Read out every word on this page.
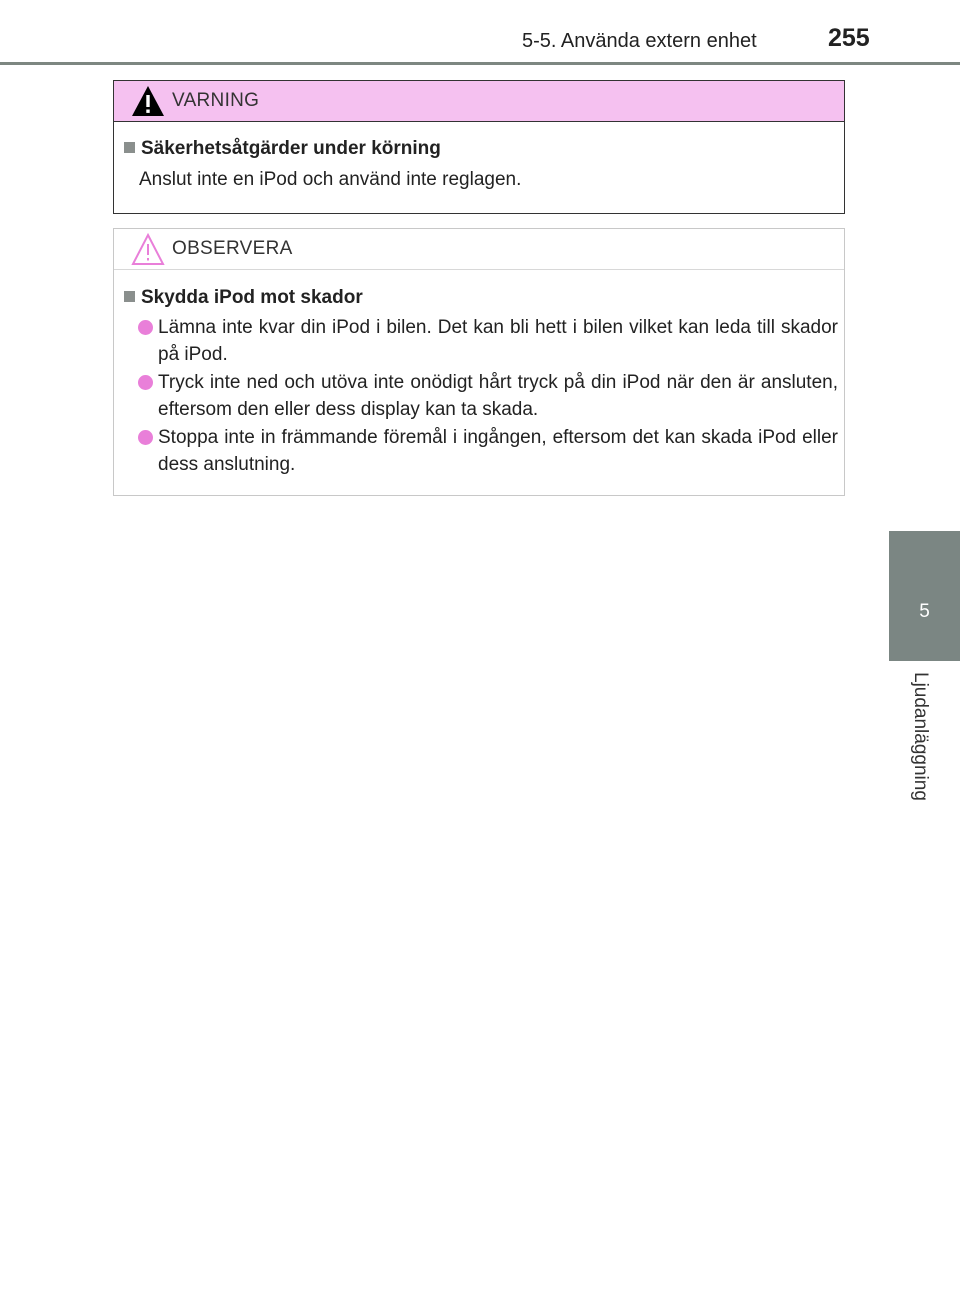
5-5. Använda extern enhet	255
5
Ljudanläggning
VARNING
Säkerhetsåtgärder under körning
Anslut inte en iPod och använd inte reglagen.
OBSERVERA
Skydda iPod mot skador
Lämna inte kvar din iPod i bilen. Det kan bli hett i bilen vilket kan leda till skador på iPod.
Tryck inte ned och utöva inte onödigt hårt tryck på din iPod när den är ansluten, eftersom den eller dess display kan ta skada.
Stoppa inte in främmande föremål i ingången, eftersom det kan skada iPod eller dess anslutning.
